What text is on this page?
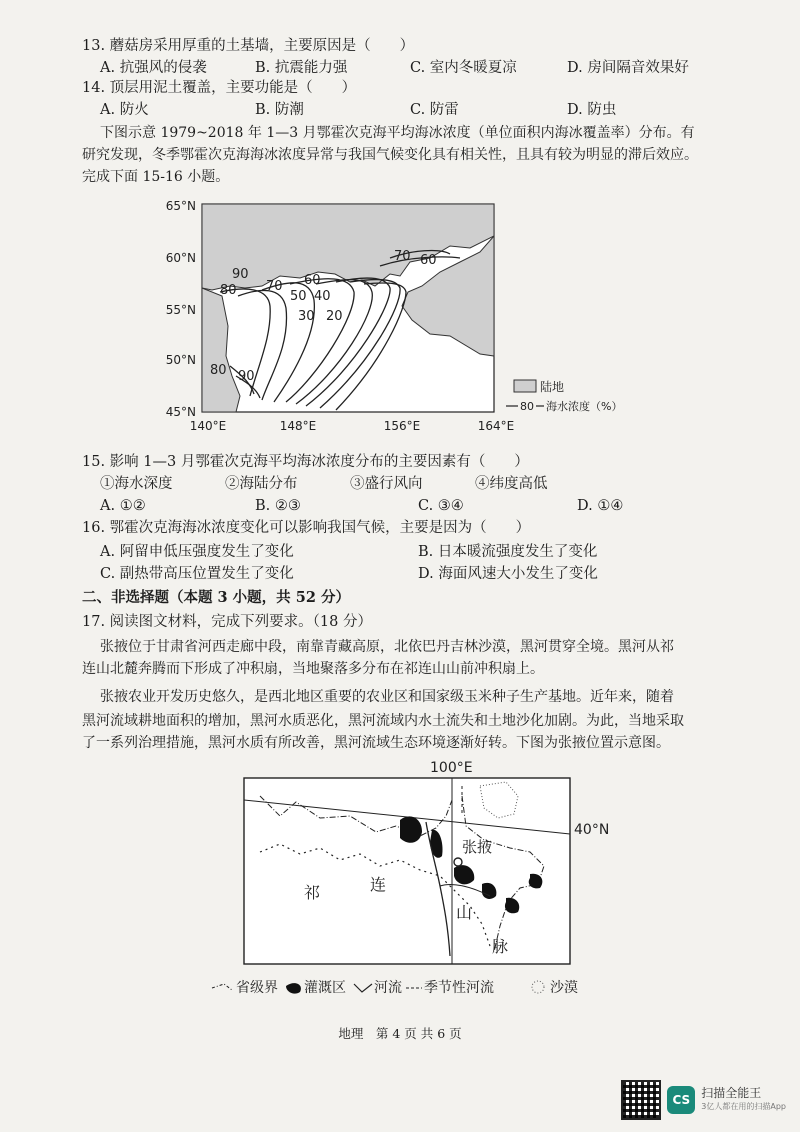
13. 蘑菇房采用厚重的土基墙，主要原因是（　　）
A. 抗强风的侵袭	B. 抗震能力强	C. 室内冬暖夏凉	D. 房间隔音效果好
14. 顶层用泥土覆盖，主要功能是（　　）
A. 防火	B. 防潮	C. 防雷	D. 防虫
下图示意 1979~2018 年 1—3 月鄂霍次克海平均海冰浓度（单位面积内海冰覆盖率）分布。有
研究发现，冬季鄂霍次克海海冰浓度异常与我国气候变化具有相关性，且具有较为明显的滞后效应。
完成下面 15-16 小题。
90
80 70 60
50 40
30 20
70 60
80 90
65°N
60°N
55°N
50°N
45°N
140°E	148°E	156°E	164°E
陆地
80 海水浓度（%）
15. 影响 1—3 月鄂霍次克海平均海冰浓度分布的主要因素有（　　）
①海水深度	②海陆分布	③盛行风向	④纬度高低
A. ①②	B. ②③	C. ③④	D. ①④
16. 鄂霍次克海海冰浓度变化可以影响我国气候，主要是因为（　　）
A. 阿留申低压强度发生了变化	B. 日本暖流强度发生了变化
C. 副热带高压位置发生了变化	D. 海面风速大小发生了变化
二、非选择题（本题 3 小题，共 52 分）
17. 阅读图文材料，完成下列要求。（18 分）
张掖位于甘肃省河西走廊中段，南靠青藏高原，北依巴丹吉林沙漠，黑河贯穿全境。黑河从祁
连山北麓奔腾而下形成了冲积扇，当地聚落多分布在祁连山山前冲积扇上。
张掖农业开发历史悠久，是西北地区重要的农业区和国家级玉米种子生产基地。近年来，随着
黑河流域耕地面积的增加，黑河水质恶化，黑河流域内水土流失和土地沙化加剧。为此，当地采取
了一系列治理措施，黑河水质有所改善，黑河流域生态环境逐渐好转。下图为张掖位置示意图。
100°E
40°N
张掖
祁	连
山
脉
省级界 灌溉区 河流 季节性河流	沙漠
地理　第 4 页 共 6 页
CS 扫描全能王
3亿人都在用的扫描App
